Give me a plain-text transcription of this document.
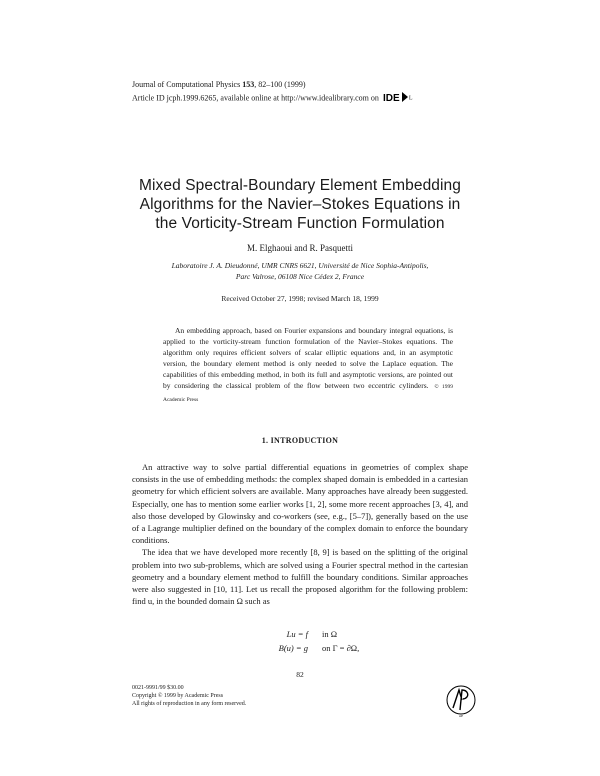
Journal of Computational Physics 153, 82–100 (1999)
Article ID jcph.1999.6265, available online at http://www.idealibrary.com on IDE $^L$
Mixed Spectral-Boundary Element Embedding
Algorithms for the Navier–Stokes Equations in
the Vorticity-Stream Function Formulation
M. Elghaoui and R. Pasquetti
Laboratoire J. A. Dieudonné, UMR CNRS 6621, Université de Nice Sophia-Antipolis,
Parc Valrose, 06108 Nice Cédex 2, France
Received October 27, 1998; revised March 18, 1999

An embedding approach, based on Fourier expansions and boundary integral equations, is applied to the vorticity-stream function formulation of the Navier–Stokes equations. The algorithm only requires efficient solvers of scalar elliptic equations and, in an asymptotic version, the boundary element method is only needed to solve the Laplace equation. The capabilities of this embedding method, in both its full and asymptotic versions, are pointed out by considering the classical problem of the flow between two eccentric cylinders. © 1999 Academic Press

1. INTRODUCTION

An attractive way to solve partial differential equations in geometries of complex shape consists in the use of embedding methods: the complex shaped domain is embedded in a cartesian geometry for which efficient solvers are available. Many approaches have already been suggested. Especially, one has to mention some earlier works [1, 2], some more recent approaches [3, 4], and also those developed by Glowinsky and co-workers (see, e.g., [5–7]), generally based on the use of a Lagrange multiplier defined on the boundary of the complex domain to enforce the boundary conditions.

The idea that we have developed more recently [8, 9] is based on the splitting of the original problem into two sub-problems, which are solved using a Fourier spectral method in the cartesian geometry and a boundary element method to fulfill the boundary conditions. Similar approaches were also suggested in [10, 11]. Let us recall the proposed algorithm for the following problem: find u, in the bounded domain Ω such as

Lu = f in Ω
B(u) = g on Γ = ∂Ω,
82
0021-9991/99 $30.00
Copyright © 1999 by Academic Press
All rights of reproduction in any form reserved.
AP
